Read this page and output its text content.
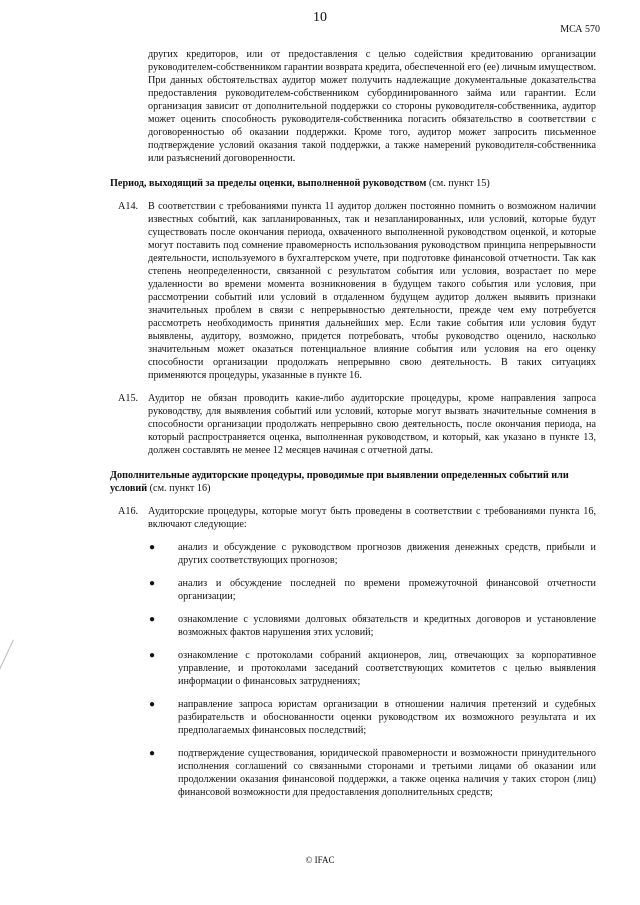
10
МСА 570

других кредиторов, или от предоставления с целью содействия кредитованию организации руководителем-собственником гарантии возврата кредита, обеспеченной его (ее) личным имуществом. При данных обстоятельствах аудитор может получить надлежащие документальные доказательства предоставления руководителем-собственником субординированного займа или гарантии. Если организация зависит от дополнительной поддержки со стороны руководителя-собственника, аудитор может оценить способность руководителя-собственника погасить обязательство в соответствии с договоренностью об оказании поддержки. Кроме того, аудитор может запросить письменное подтверждение условий оказания такой поддержки, а также намерений руководителя-собственника или разъяснений договоренности.

Период, выходящий за пределы оценки, выполненной руководством (см. пункт 15)

A14. В соответствии с требованиями пункта 11 аудитор должен постоянно помнить о возможном наличии известных событий, как запланированных, так и незапланированных, или условий, которые будут существовать после окончания периода, охваченного выполненной руководством оценкой, и которые могут поставить под сомнение правомерность использования руководством принципа непрерывности деятельности, используемого в бухгалтерском учете, при подготовке финансовой отчетности. Так как степень неопределенности, связанной с результатом события или условия, возрастает по мере удаленности во времени момента возникновения в будущем такого события или условия, при рассмотрении событий или условий в отдаленном будущем аудитор должен выявить признаки значительных проблем в связи с непрерывностью деятельности, прежде чем ему потребуется рассмотреть необходимость принятия дальнейших мер. Если такие события или условия будут выявлены, аудитору, возможно, придется потребовать, чтобы руководство оценило, насколько значительным может оказаться потенциальное влияние события или условия на его оценку способности организации продолжать непрерывно свою деятельность. В таких ситуациях применяются процедуры, указанные в пункте 16.
A15. Аудитор не обязан проводить какие-либо аудиторские процедуры, кроме направления запроса руководству, для выявления событий или условий, которые могут вызвать значительные сомнения в способности организации продолжать непрерывно свою деятельность, после окончания периода, на который распространяется оценка, выполненная руководством, и который, как указано в пункте 13, должен составлять не менее 12 месяцев начиная с отчетной даты.

Дополнительные аудиторские процедуры, проводимые при выявлении определенных событий или условий (см. пункт 16)

A16. Аудиторские процедуры, которые могут быть проведены в соответствии с требованиями пункта 16, включают следующие:
● анализ и обсуждение с руководством прогнозов движения денежных средств, прибыли и других соответствующих прогнозов;
● анализ и обсуждение последней по времени промежуточной финансовой отчетности организации;
● ознакомление с условиями долговых обязательств и кредитных договоров и установление возможных фактов нарушения этих условий;
● ознакомление с протоколами собраний акционеров, лиц, отвечающих за корпоративное управление, и протоколами заседаний соответствующих комитетов с целью выявления информации о финансовых затруднениях;
● направление запроса юристам организации в отношении наличия претензий и судебных разбирательств и обоснованности оценки руководством их возможного результата и их предполагаемых финансовых последствий;
● подтверждение существования, юридической правомерности и возможности принудительного исполнения соглашений со связанными сторонами и третьими лицами об оказании или продолжении оказания финансовой поддержки, а также оценка наличия у таких сторон (лиц) финансовой возможности для предоставления дополнительных средств;
© IFAC
